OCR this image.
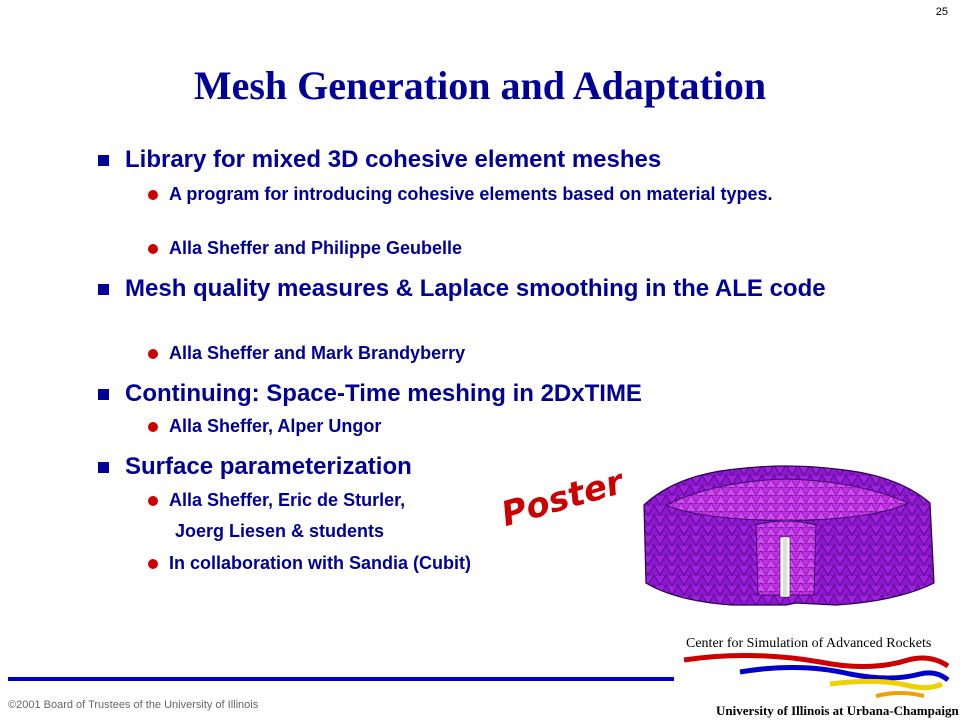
25
Mesh Generation and Adaptation
Library for mixed 3D cohesive element meshes
A program for introducing cohesive elements based on material types.
Alla Sheffer and Philippe Geubelle
Mesh quality measures & Laplace smoothing in the ALE code
Alla Sheffer and Mark Brandyberry
Continuing: Space-Time meshing in 2DxTIME
Alla Sheffer, Alper Ungor
Surface parameterization
Alla Sheffer, Eric de Sturler,
Joerg Liesen & students
In collaboration with Sandia (Cubit)
Poster
©2001 Board of Trustees of the University of Illinois
Center for Simulation of Advanced Rockets
University of Illinois at Urbana-Champaign
